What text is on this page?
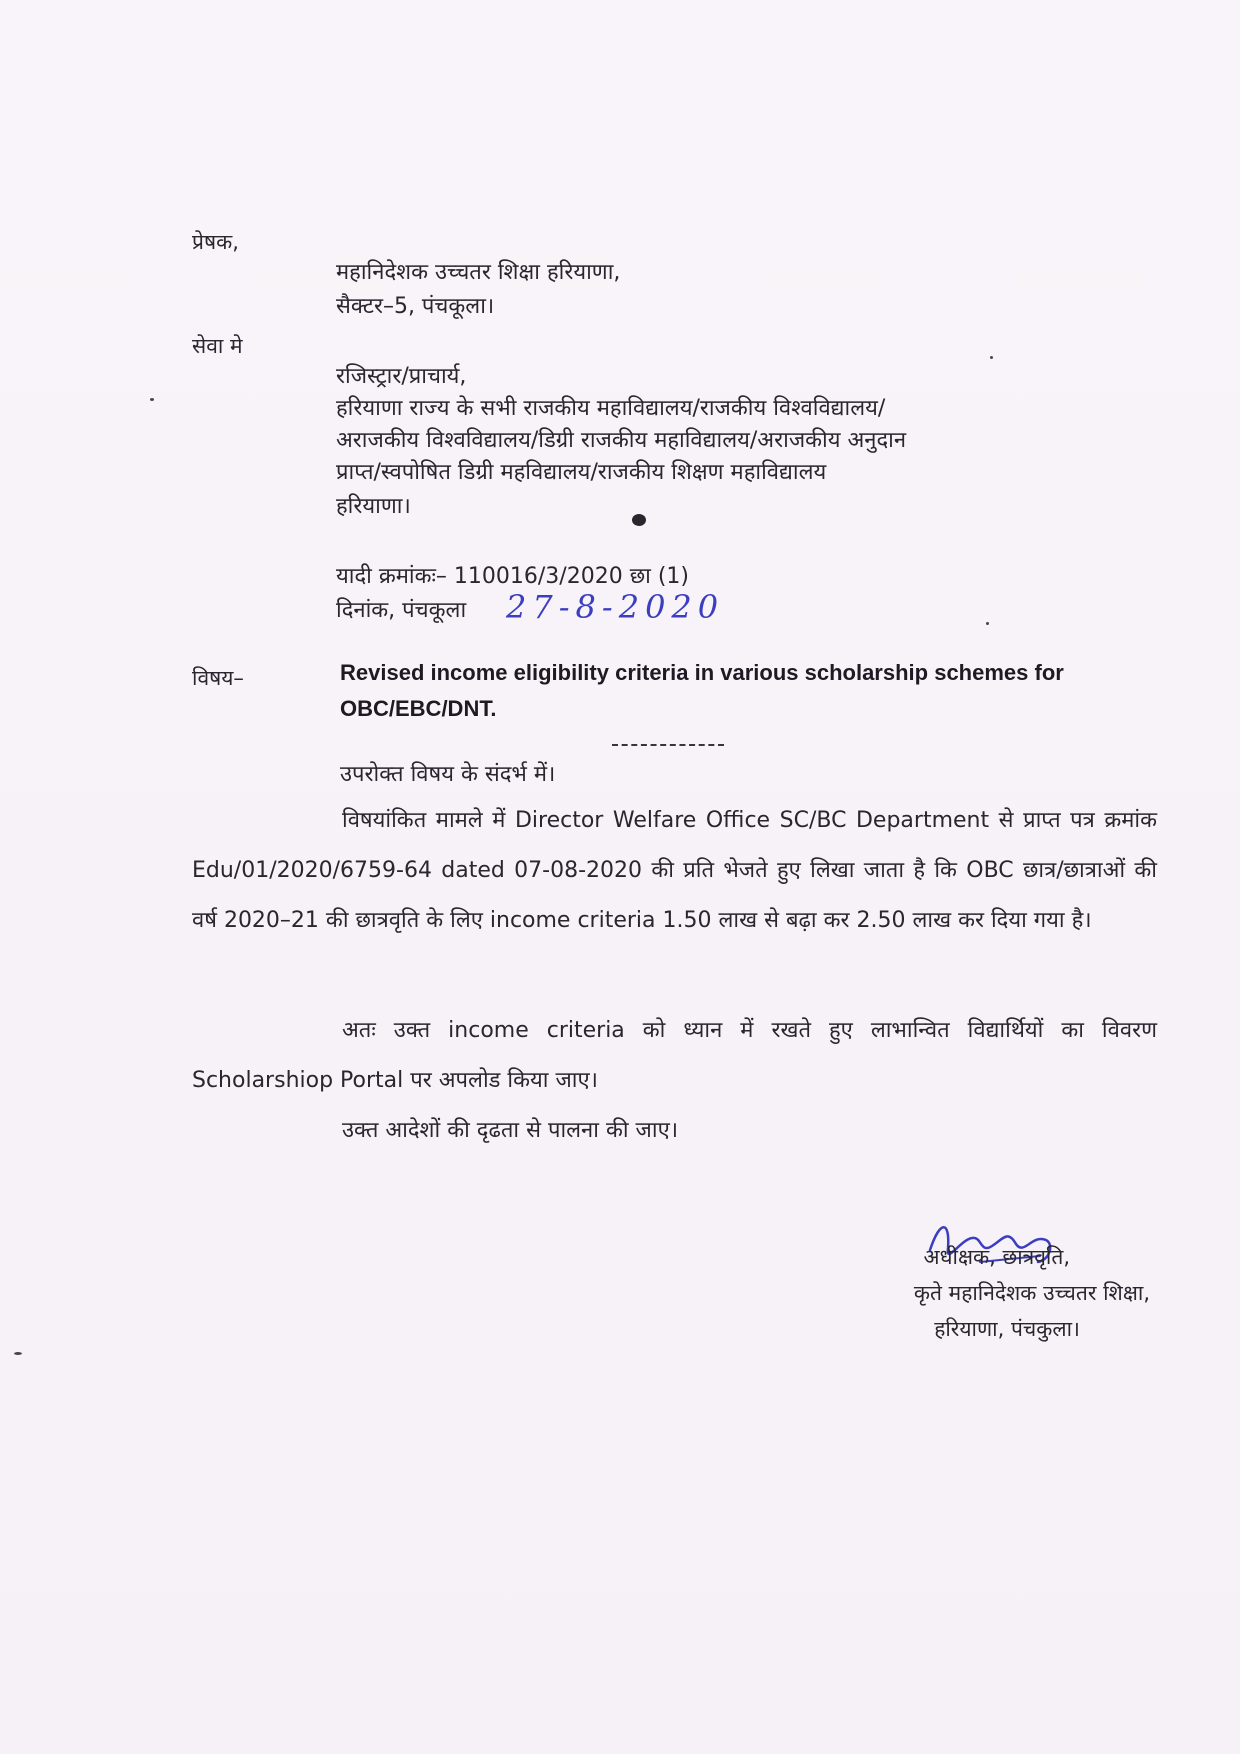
प्रेषक,
महानिदेशक उच्चतर शिक्षा हरियाणा,
सैक्टर–5, पंचकूला।
सेवा मे
रजिस्ट्रार/प्राचार्य,
हरियाणा राज्य के सभी राजकीय महाविद्यालय/राजकीय विश्वविद्यालय/
अराजकीय विश्वविद्यालय/डिग्री राजकीय महाविद्यालय/अराजकीय अनुदान
प्राप्त/स्वपोषित डिग्री महविद्यालय/राजकीय शिक्षण महाविद्यालय
हरियाणा।
यादी क्रमांकः– 110016/3/2020 छा (1)
दिनांक, पंचकूला 27-8-2020
विषय–	Revised income eligibility criteria in various scholarship schemes for
OBC/EBC/DNT.
उपरोक्त विषय के संदर्भ में।
विषयांकित मामले में Director Welfare Office SC/BC Department से प्राप्त पत्र क्रमांक Edu/01/2020/6759-64 dated 07-08-2020 की प्रति भेजते हुए लिखा जाता है कि OBC छात्र/छात्राओं की वर्ष 2020–21 की छात्रवृति के लिए income criteria 1.50 लाख से बढ़ा कर 2.50 लाख कर दिया गया है।
अतः उक्त income criteria को ध्यान में रखते हुए लाभान्वित विद्यार्थियों का विवरण Scholarshiop Portal पर अपलोड किया जाए।
उक्त आदेशों की दृढता से पालना की जाए।
अधीक्षक, छात्रवृति,
कृते महानिदेशक उच्चतर शिक्षा,
हरियाणा, पंचकुला।
